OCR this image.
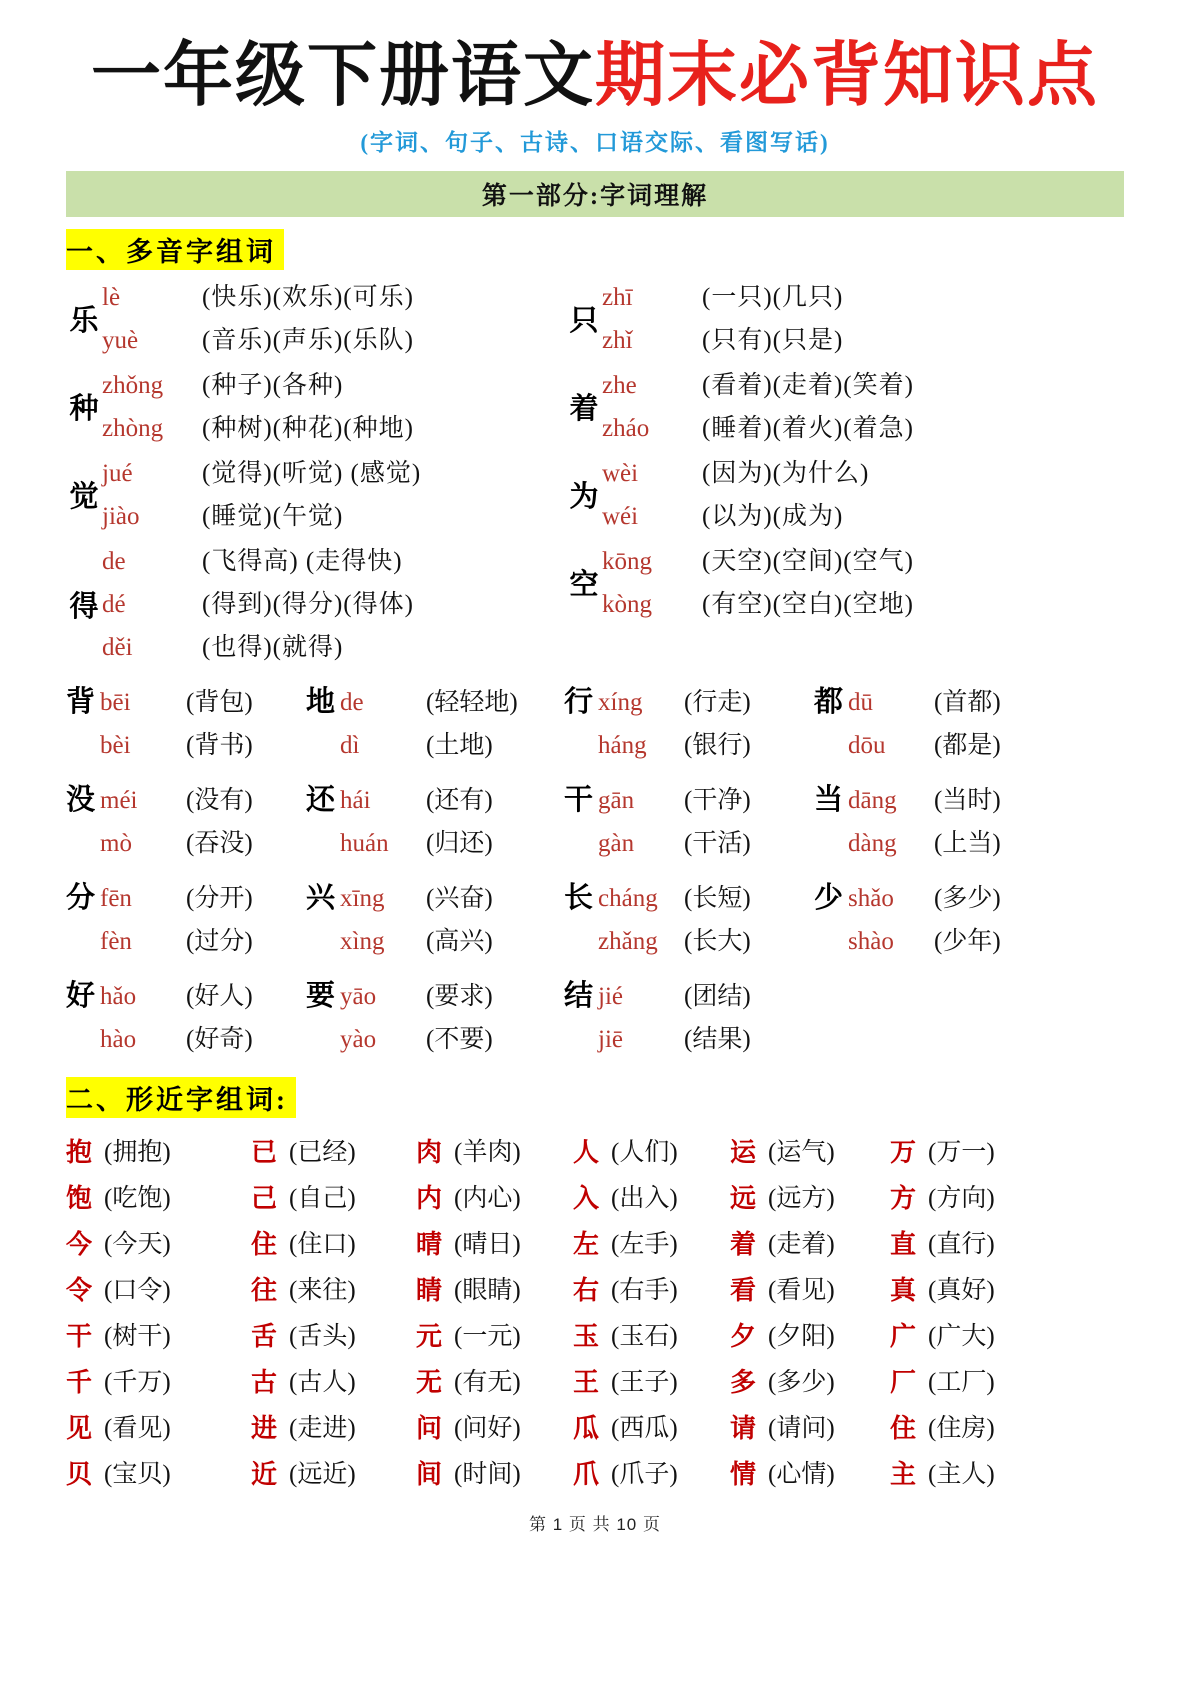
一年级下册语文期末必背知识点
(字词、句子、古诗、口语交际、看图写话)
第一部分:字词理解
一、多音字组词
乐
lè	(快乐)(欢乐)(可乐)
yuè	(音乐)(声乐)(乐队)
种
zhǒng	(种子)(各种)
zhòng	(种树)(种花)(种地)
觉
jué	(觉得)(听觉) (感觉)
jiào	(睡觉)(午觉)
得
de	(飞得高) (走得快)
dé	(得到)(得分)(得体)
děi	(也得)(就得)
只
zhī	(一只)(几只)
zhǐ	(只有)(只是)
着
zhe	(看着)(走着)(笑着)
zháo	(睡着)(着火)(着急)
为
wèi	(因为)(为什么)
wéi	(以为)(成为)
空
kōng	(天空)(空间)(空气)
kòng	(有空)(空白)(空地)
背 bēi	(背包)
bèi	(背书)
地 de	(轻轻地)
dì	(土地)
行 xíng	(行走)
háng	(银行)
都 dū	(首都)
dōu	(都是)
没 méi	(没有)
mò	(吞没)
还 hái	(还有)
huán	(归还)
干 gān	(干净)
gàn	(干活)
当 dāng	(当时)
dàng	(上当)
分 fēn	(分开)
fèn	(过分)
兴 xīng	(兴奋)
xìng	(高兴)
长 cháng	(长短)
zhǎng	(长大)
少 shǎo	(多少)
shào	(少年)
好 hǎo	(好人)
hào	(好奇)
要 yāo	(要求)
yào	(不要)
结 jié	(团结)
jiē	(结果)
二、形近字组词:
抱 (拥抱)	已 (已经) 肉 (羊肉) 人 (人们) 运 (运气) 万 (万一)
饱 (吃饱)	己 (自己) 内 (内心) 入 (出入) 远 (远方) 方 (方向)
今 (今天)	住 (住口) 晴 (晴日) 左 (左手) 着 (走着) 直 (直行)
令 (口令)	往 (来往) 睛 (眼睛) 右 (右手) 看 (看见) 真 (真好)
干 (树干)	舌 (舌头) 元 (一元) 玉 (玉石) 夕 (夕阳) 广 (广大)
千 (千万)	古 (古人) 无 (有无) 王 (王子) 多 (多少) 厂 (工厂)
见 (看见)	进 (走进) 问 (问好) 瓜 (西瓜) 请 (请问) 住 (住房)
贝 (宝贝)	近 (远近) 间 (时间) 爪 (爪子) 情 (心情) 主 (主人)
第 1 页 共 10 页
